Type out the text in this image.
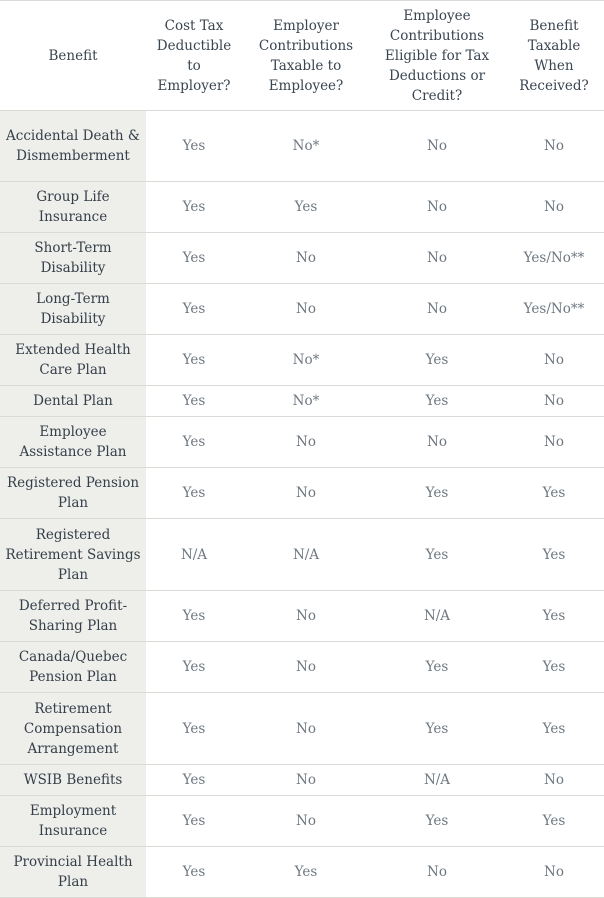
Benefit	Cost Tax Deductible to Employer?	Employer Contributions Taxable to Employee?	Employee Contributions Eligible for Tax Deductions or Credit?	Benefit Taxable When Received?
Accidental Death & Dismemberment	Yes	No*	No	No
Group Life Insurance	Yes	Yes	No	No
Short-Term Disability	Yes	No	No	Yes/No**
Long-Term Disability	Yes	No	No	Yes/No**
Extended Health Care Plan	Yes	No*	Yes	No
Dental Plan	Yes	No*	Yes	No
Employee Assistance Plan	Yes	No	No	No
Registered Pension Plan	Yes	No	Yes	Yes
Registered Retirement Savings Plan	N/A	N/A	Yes	Yes
Deferred Profit-Sharing Plan	Yes	No	N/A	Yes
Canada/Quebec Pension Plan	Yes	No	Yes	Yes
Retirement Compensation Arrangement	Yes	No	Yes	Yes
WSIB Benefits	Yes	No	N/A	No
Employment Insurance	Yes	No	Yes	Yes
Provincial Health Plan	Yes	Yes	No	No
